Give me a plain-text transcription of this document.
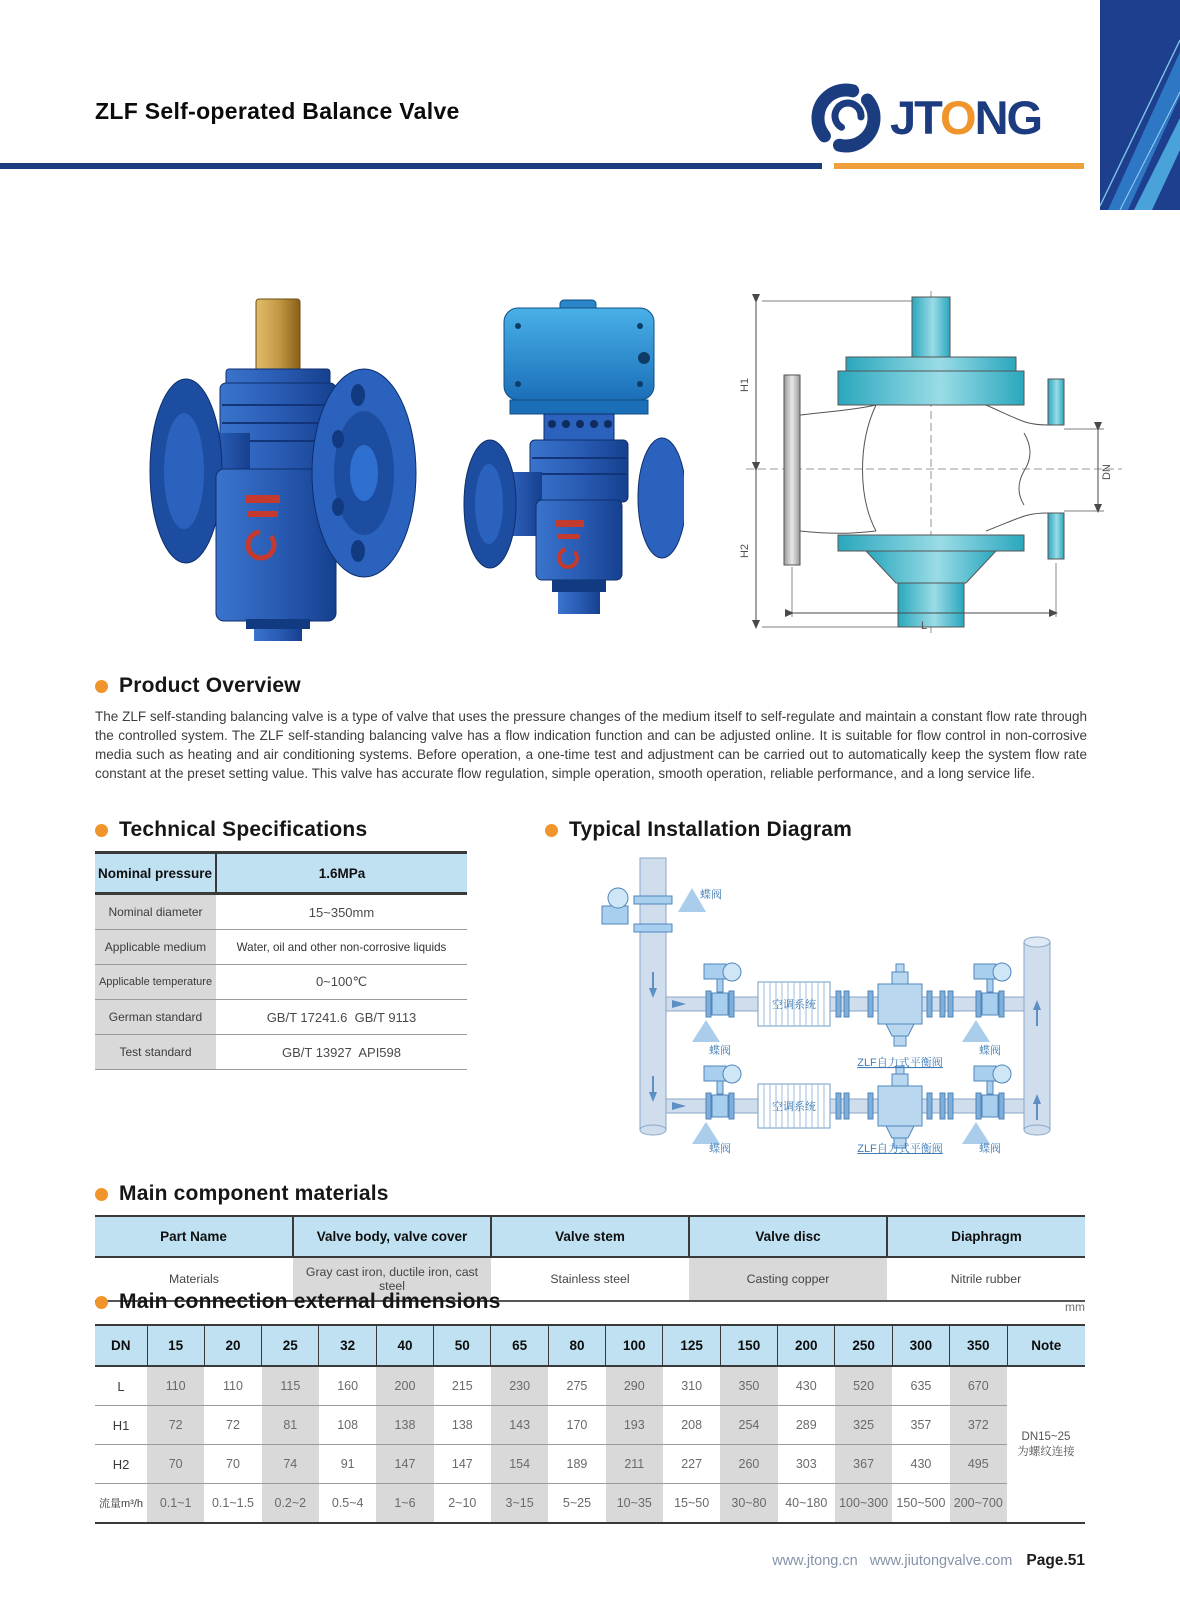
ZLF Self-operated Balance Valve	JTONG
H1
H2
DN
L
Product Overview

The ZLF self-standing balancing valve is a type of valve that uses the pressure changes of the medium itself to self-regulate and maintain a constant flow rate through the controlled system. The ZLF self-standing balancing valve has a flow indication function and can be adjusted online. It is suitable for flow control in non-corrosive media such as heating and air conditioning systems. Before operation, a one-time test and adjustment can be carried out to automatically keep the system flow rate constant at the preset setting value. This valve has accurate flow regulation, simple operation, smooth operation, reliable performance, and a long service life.

Technical Specifications
Nominal pressure	1.6MPa
Nominal diameter	15~350mm
Applicable medium	Water, oil and other non-corrosive liquids
Applicable temperature	0~100℃
German standard	GB/T 17241.6  GB/T 9113
Test standard	GB/T 13927  API598
Typical Installation Diagram
蝶阀
空调系统
蝶阀	蝶阀
ZLF自力式平衡阀
空调系统
蝶阀	蝶阀
ZLF自力式平衡阀
Main component materials
Part Name	Valve body, valve cover	Valve stem	Valve disc	Diaphragm
Materials	Gray cast iron, ductile iron, cast steel	Stainless steel	Casting copper	Nitrile rubber
Main connection external dimensions	mm
DN	15	20	25	32	40	50	65	80	100	125	150	200	250	300	350	Note
L	110	110	115	160	200	215	230	275	290	310	350	430	520	635	670	DN15~25为螺纹连接
H1	72	72	81	108	138	138	143	170	193	208	254	289	325	357	372	
H2	70	70	74	91	147	147	154	189	211	227	260	303	367	430	495	
流量m³/h	0.1~1	0.1~1.5	0.2~2	0.5~4	1~6	2~10	3~15	5~25	10~35	15~50	30~80	40~180	100~300	150~500	200~700	
www.jtong.cn www.jiutongvalve.com Page.51
